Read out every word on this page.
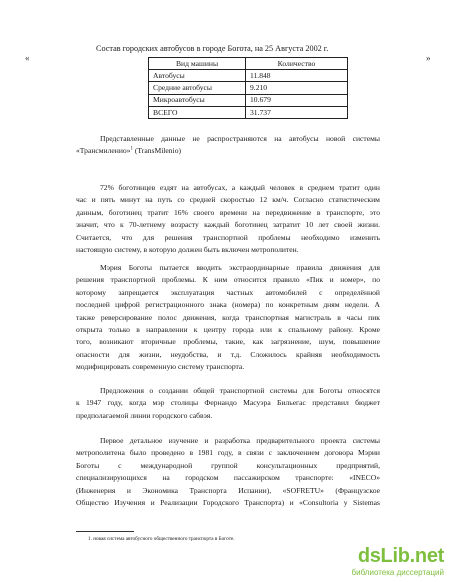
«	»
Состав городских автобусов в городе Богота, на 25 Августа 2002 г.
Вид машины	Количество
Автобусы	11.848
Средние автобусы	9.210
Микроавтобусы	10.679
ВСЕГО	31.737
Представленные данные не распространяются на автобусы новой системы
«Трансмиленио»$^1$ (TransMilenio)
72% боготинцев ездят на автобусах, а каждый человек в среднем тратит один
час и пять минут на путь со средней скоростью 12 км/ч. Согласно статистическим
данным, боготинец тратит 16% своего времени на передвижение в транспорте, это
значит, что к 70-летнему возрасту каждый боготинец затратит 10 лет своей жизни.
Считается, что для решения транспортной проблемы необходимо изменить
настоящую систему, в которую должен быть включен метрополитен.
Мэрия Боготы пытается вводить экстраординарные правила движения для
решения транспортной проблемы. К ним относится правило «Пик и номер», по
которому запрещается эксплуатация частных автомобилей с определённой
последней цифрой регистрационного знака (номера) по конкретным дням недели. А
также реверсирование полос движения, когда транспортная магистраль в часы пик
открыта только в направлении к центру города или к спальному району. Кроме
того, возникают вторичные проблемы, такие, как загрязнение, шум, повышение
опасности для жизни, неудобства, и т.д. Сложилось крайняя необходимость
модифицировать современную систему транспорта.
Предложения о создании общей транспортной системы для Боготы относятся
к 1947 году, когда мэр столицы Фернандо Масуэра Бильегас представил бюджет
предполагаемой линии городского сабвэя.
Первое детальное изучение и разработка предварительного проекта системы
метрополитена было проведено в 1981 году, в связи с заключением договора Мэрии
Боготы с международной группой консультационных предприятий,
специализирующихся на городском пассажирском транспорте: «INECO»
(Инженерия и Экономика Транспорта Испании), «SOFRETU» (Французское
Общество Изучения и Реализации Городского Транспорта) и «Consultoria y Sistemas
1. новая система автобусного общественного транспорта в Боготе.
dsLib.net
библиотека диссертаций
